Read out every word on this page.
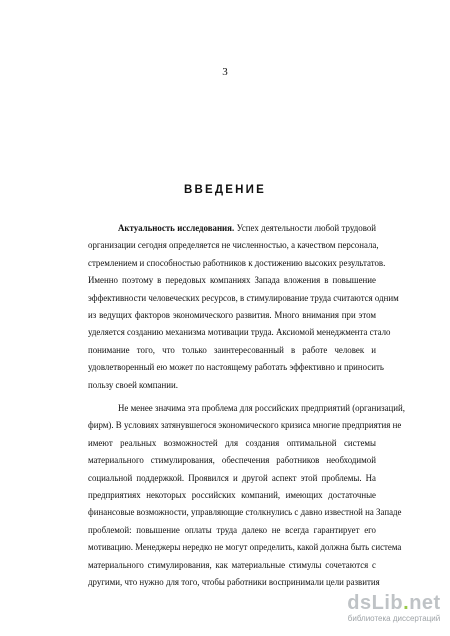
3
ВВЕДЕНИЕ
Актуальность исследования. Успех деятельности любой трудовой
организации сегодня определяется не численностью, а качеством персонала,
стремлением и способностью работников к достижению высоких результатов.
Именно поэтому в передовых компаниях Запада вложения в повышение
эффективности человеческих ресурсов, в стимулирование труда считаются одним
из ведущих факторов экономического развития. Много внимания при этом
уделяется созданию механизма мотивации труда. Аксиомой менеджмента стало
понимание того, что только заинтересованный в работе человек и
удовлетворенный ею может по настоящему работать эффективно и приносить
пользу своей компании.
Не менее значима эта проблема для российских предприятий (организаций,
фирм). В условиях затянувшегося экономического кризиса многие предприятия не
имеют реальных возможностей для создания оптимальной системы
материального стимулирования, обеспечения работников необходимой
социальной поддержкой. Проявился и другой аспект этой проблемы. На
предприятиях некоторых российских компаний, имеющих достаточные
финансовые возможности, управляющие столкнулись с давно известной на Западе
проблемой: повышение оплаты труда далеко не всегда гарантирует его
мотивацию. Менеджеры нередко не могут определить, какой должна быть система
материального стимулирования, как материальные стимулы сочетаются с
другими, что нужно для того, чтобы работники воспринимали цели развития
dsLib.net
библиотека диссертаций
